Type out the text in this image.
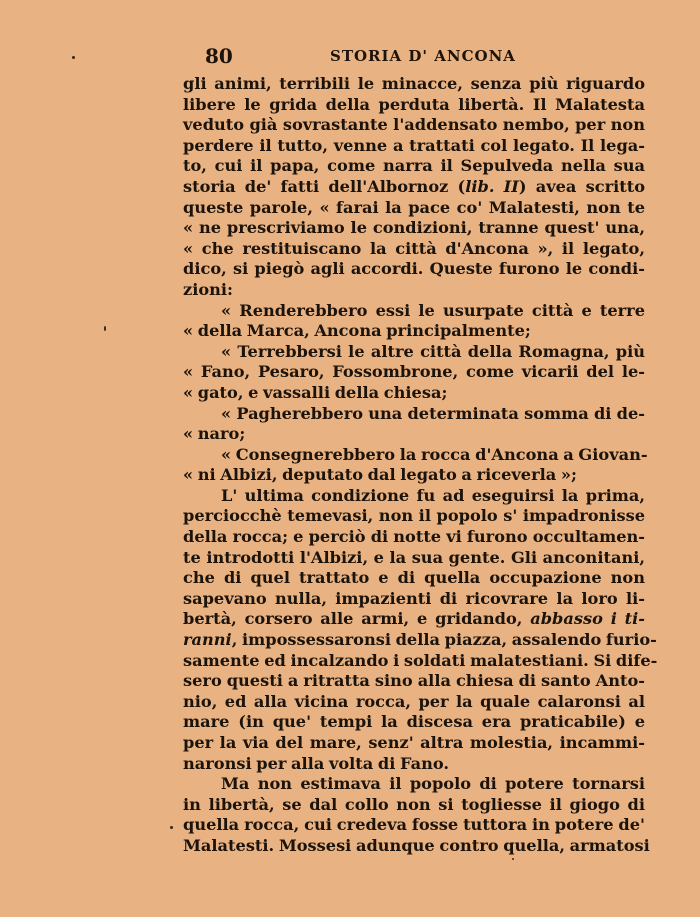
80	STORIA D' ANCONA
gli animi, terribili le minacce, senza più riguardo
libere le grida della perduta libertà. Il Malatesta
veduto già sovrastante l'addensato nembo, per non
perdere il tutto, venne a trattati col legato. Il lega-
to, cui il papa, come narra il Sepulveda nella sua
storia de' fatti dell'Albornoz (lib. II) avea scritto
queste parole, « farai la pace co' Malatesti, non te
« ne prescriviamo le condizioni, tranne quest' una,
« che restituiscano la città d'Ancona », il legato,
dico, si piegò agli accordi. Queste furono le condi-
zioni:
« Renderebbero essi le usurpate città e terre
« della Marca, Ancona principalmente;
« Terrebbersi le altre città della Romagna, più
« Fano, Pesaro, Fossombrone, come vicarii del le-
« gato, e vassalli della chiesa;
« Pagherebbero una determinata somma di de-
« naro;
« Consegnerebbero la rocca d'Ancona a Giovan-
« ni Albizi, deputato dal legato a riceverla »;
L' ultima condizione fu ad eseguirsi la prima,
perciocchè temevasi, non il popolo s' impadronisse
della rocca; e perciò di notte vi furono occultamen-
te introdotti l'Albizi, e la sua gente. Gli anconitani,
che di quel trattato e di quella occupazione non
sapevano nulla, impazienti di ricovrare la loro li-
bertà, corsero alle armi, e gridando, abbasso i ti-
ranni, impossessaronsi della piazza, assalendo furio-
samente ed incalzando i soldati malatestiani. Si dife-
sero questi a ritratta sino alla chiesa di santo Anto-
nio, ed alla vicina rocca, per la quale calaronsi al
mare (in que' tempi la discesa era praticabile) e
per la via del mare, senz' altra molestia, incammi-
naronsi per alla volta di Fano.
Ma non estimava il popolo di potere tornarsi
in libertà, se dal collo non si togliesse il giogo di
quella rocca, cui credeva fosse tuttora in potere de'
Malatesti. Mossesi adunque contro quella, armatosi
